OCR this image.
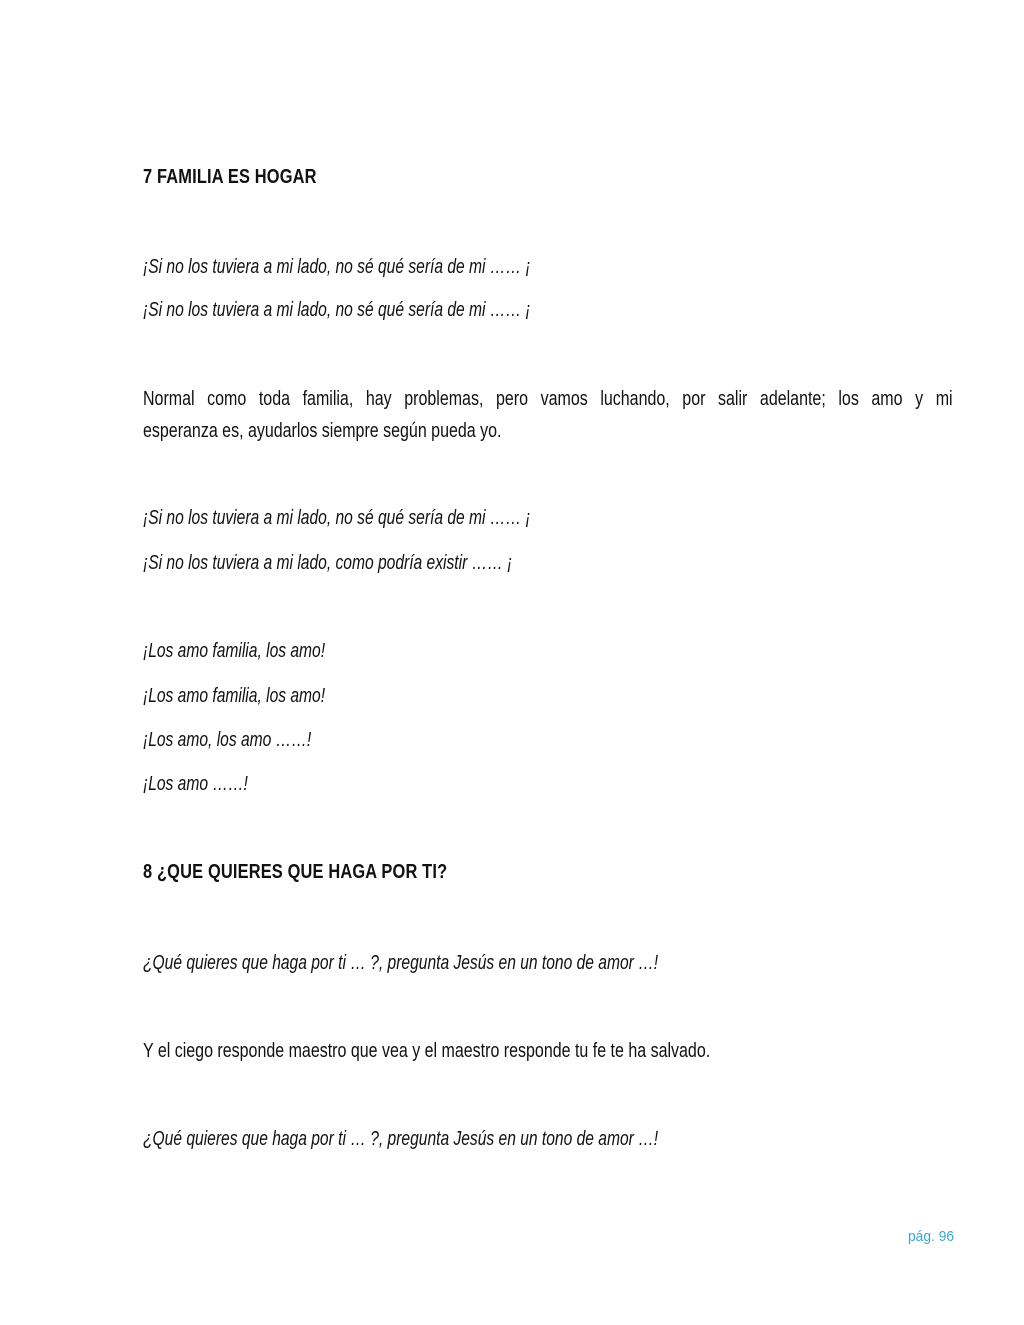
7 FAMILIA ES HOGAR

¡Si no los tuviera a mi lado, no sé qué sería de mi …… ¡

¡Si no los tuviera a mi lado, no sé qué sería de mi …… ¡

Normal como toda familia, hay problemas, pero vamos luchando, por salir adelante; los amo y mi

esperanza es, ayudarlos siempre según pueda yo.

¡Si no los tuviera a mi lado, no sé qué sería de mi …… ¡

¡Si no los tuviera a mi lado, como podría existir …… ¡

¡Los amo familia, los amo!

¡Los amo familia, los amo!

¡Los amo, los amo ……!

¡Los amo ……!

8 ¿QUE QUIERES QUE HAGA POR TI?

¿Qué quieres que haga por ti … ?, pregunta Jesús en un tono de amor …!

Y el ciego responde maestro que vea y el maestro responde tu fe te ha salvado.

¿Qué quieres que haga por ti … ?, pregunta Jesús en un tono de amor …!

pág. 96
